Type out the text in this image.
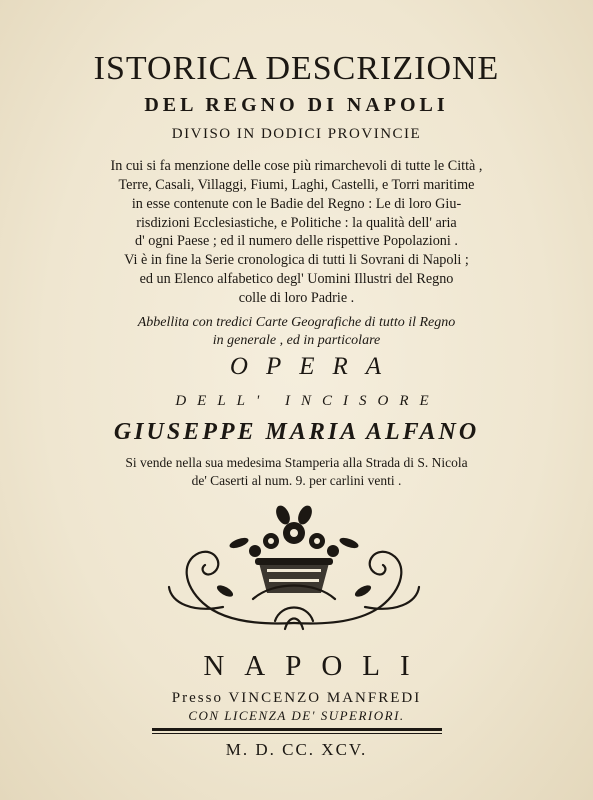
ISTORICA DESCRIZIONE
DEL REGNO DI NAPOLI
DIVISO IN DODICI PROVINCIE
In cui si fa menzione delle cose più rimarchevoli di tutte le Città ,
Terre, Casali, Villaggi, Fiumi, Laghi, Castelli, e Torri maritime
in esse contenute con le Badie del Regno : Le di loro Giu-
risdizioni Ecclesiastiche, e Politiche : la qualità dell' aria
d' ogni Paese ; ed il numero delle rispettive Popolazioni .
Vi è in fine la Serie cronologica di tutti li Sovrani di Napoli ;
ed un Elenco alfabetico degl' Uomini Illustri del Regno
colle di loro Padrie .
Abbellita con tredici Carte Geografiche di tutto il Regno
in generale , ed in particolare
OPERA
DELL' INCISORE
GIUSEPPE MARIA ALFANO
Si vende nella sua medesima Stamperia alla Strada di S. Nicola
de' Caserti al num. 9. per carlini venti .
NAPOLI
Presso VINCENZO MANFREDI
CON LICENZA DE' SUPERIORI.
M. D. CC. XCV.
